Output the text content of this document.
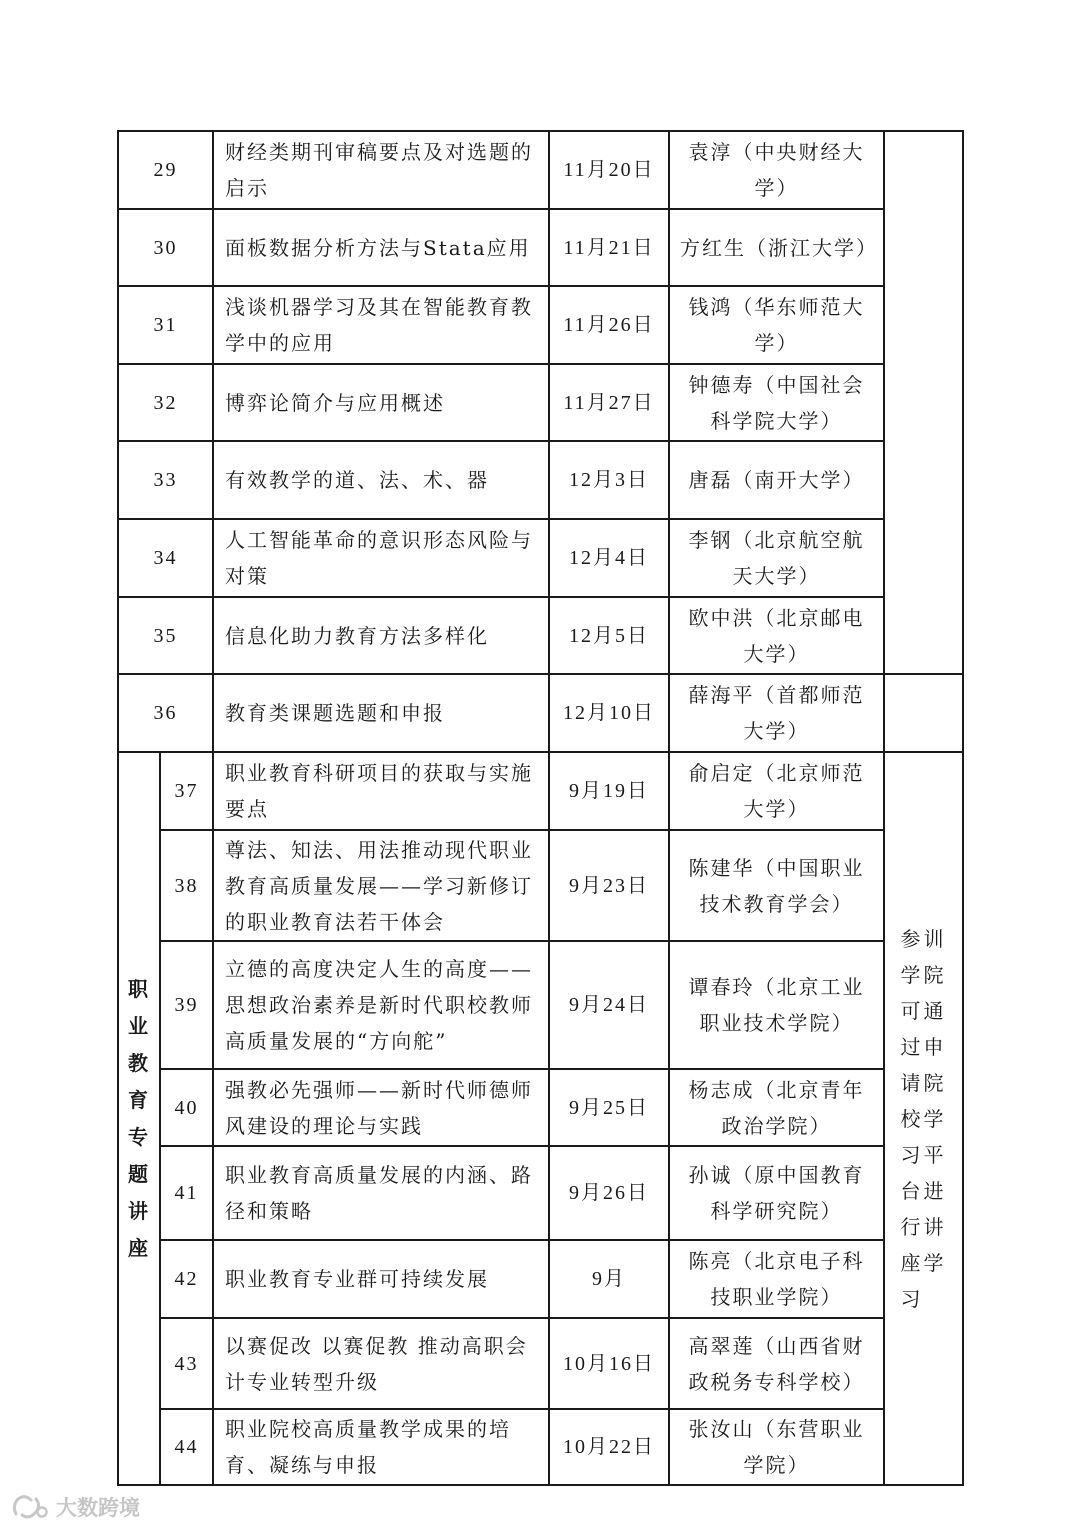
29		财经类期刊审稿要点及对选题的启示	11月20日	袁淳（中央财经大学）	
30		面板数据分析方法与Stata应用	11月21日	方红生（浙江大学）	
31		浅谈机器学习及其在智能教育教学中的应用	11月26日	钱鸿（华东师范大学）	
32		博弈论简介与应用概述	11月27日	钟德寿（中国社会科学院大学）	
33		有效教学的道、法、术、器	12月3日	唐磊（南开大学）	
34		人工智能革命的意识形态风险与对策	12月4日	李钢（北京航空航天大学）	
35		信息化助力教育方法多样化	12月5日	欧中洪（北京邮电大学）	
36		教育类课题选题和申报	12月10日	薛海平（首都师范大学）	
职业教育专题讲座	37	职业教育科研项目的获取与实施要点	9月19日	俞启定（北京师范大学）	参训学院可通过申请院校学习平台进行讲座学习
	38	尊法、知法、用法推动现代职业教育高质量发展——学习新修订的职业教育法若干体会	9月23日	陈建华（中国职业技术教育学会）	
	39	立德的高度决定人生的高度——思想政治素养是新时代职校教师高质量发展的“方向舵”	9月24日	谭春玲（北京工业职业技术学院）	
	40	强教必先强师——新时代师德师风建设的理论与实践	9月25日	杨志成（北京青年政治学院）	
	41	职业教育高质量发展的内涵、路径和策略	9月26日	孙诚（原中国教育科学研究院）	
	42	职业教育专业群可持续发展	9月	陈亮（北京电子科技职业学院）	
	43	以赛促改 以赛促教 推动高职会计专业转型升级	10月16日	高翠莲（山西省财政税务专科学校）	
	44	职业院校高质量教学成果的培育、凝练与申报	10月22日	张汝山（东营职业学院）	
大数跨境
